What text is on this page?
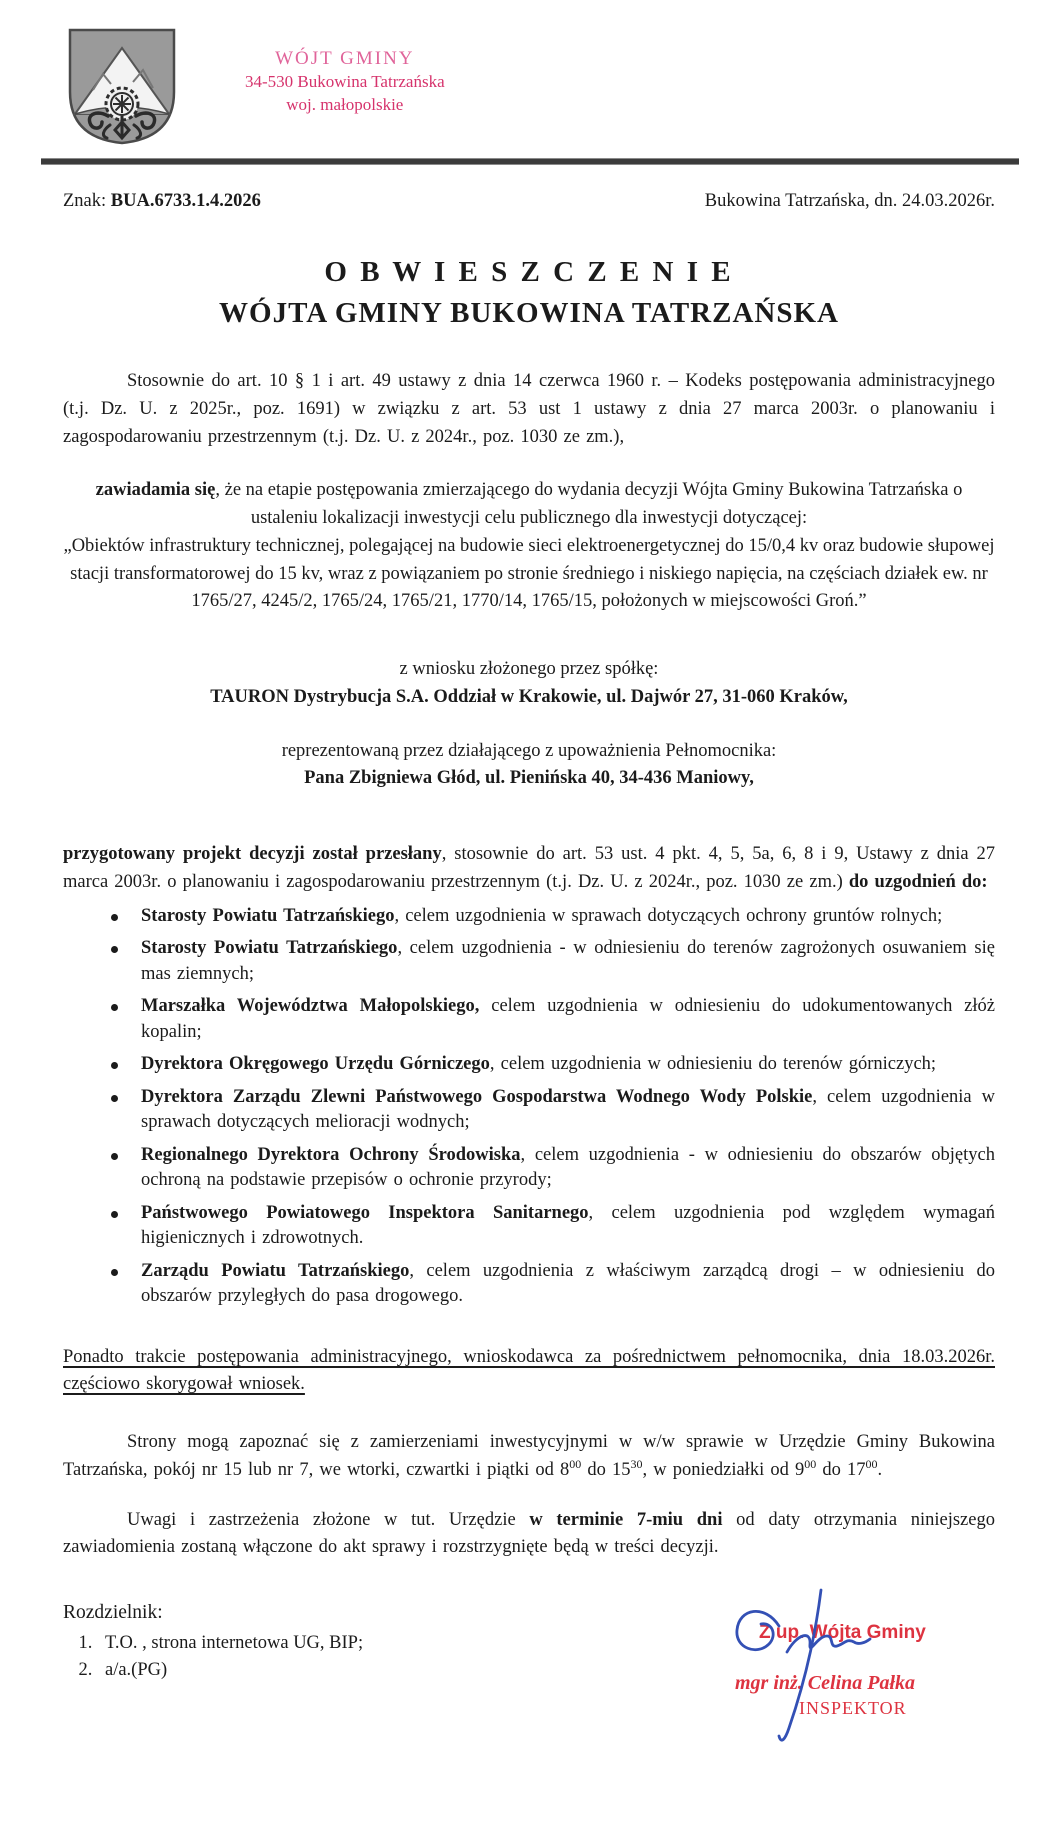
WÓJT GMINY
34-530 Bukowina Tatrzańska
woj. małopolskie
Znak: BUA.6733.1.4.2026	Bukowina Tatrzańska, dn. 24.03.2026r.
O B W I E S Z C Z E N I E
WÓJTA GMINY BUKOWINA TATRZAŃSKA

Stosownie do art. 10 § 1 i art. 49 ustawy z dnia 14 czerwca 1960 r. – Kodeks postępowania administracyjnego (t.j. Dz. U. z 2025r., poz. 1691) w związku z art. 53 ust 1 ustawy z dnia 27 marca 2003r. o planowaniu i zagospodarowaniu przestrzennym (t.j. Dz. U. z 2024r., poz. 1030 ze zm.),

zawiadamia się, że na etapie postępowania zmierzającego do wydania decyzji Wójta Gminy Bukowina Tatrzańska o ustaleniu lokalizacji inwestycji celu publicznego dla inwestycji dotyczącej:

„Obiektów infrastruktury technicznej, polegającej na budowie sieci elektroenergetycznej do 15/0,4 kv oraz budowie słupowej stacji transformatorowej do 15 kv, wraz z powiązaniem po stronie średniego i niskiego napięcia, na częściach działek ew. nr 1765/27, 4245/2, 1765/24, 1765/21, 1770/14, 1765/15, położonych w miejscowości Groń.”

z wniosku złożonego przez spółkę:

TAURON Dystrybucja S.A. Oddział w Krakowie, ul. Dajwór 27, 31-060 Kraków,

reprezentowaną przez działającego z upoważnienia Pełnomocnika:

Pana Zbigniewa Głód, ul. Pienińska 40, 34-436 Maniowy,

przygotowany projekt decyzji został przesłany, stosownie do art. 53 ust. 4 pkt. 4, 5, 5a, 6, 8 i 9, Ustawy z dnia 27 marca 2003r. o planowaniu i zagospodarowaniu przestrzennym (t.j. Dz. U. z 2024r., poz. 1030 ze zm.) do uzgodnień do:

Starosty Powiatu Tatrzańskiego, celem uzgodnienia w sprawach dotyczących ochrony gruntów rolnych;
Starosty Powiatu Tatrzańskiego, celem uzgodnienia - w odniesieniu do terenów zagrożonych osuwaniem się mas ziemnych;
Marszałka Województwa Małopolskiego, celem uzgodnienia w odniesieniu do udokumentowanych złóż kopalin;
Dyrektora Okręgowego Urzędu Górniczego, celem uzgodnienia w odniesieniu do terenów górniczych;
Dyrektora Zarządu Zlewni Państwowego Gospodarstwa Wodnego Wody Polskie, celem uzgodnienia w sprawach dotyczących melioracji wodnych;
Regionalnego Dyrektora Ochrony Środowiska, celem uzgodnienia - w odniesieniu do obszarów objętych ochroną na podstawie przepisów o ochronie przyrody;
Państwowego Powiatowego Inspektora Sanitarnego, celem uzgodnienia pod względem wymagań higienicznych i zdrowotnych.
Zarządu Powiatu Tatrzańskiego, celem uzgodnienia z właściwym zarządcą drogi – w odniesieniu do obszarów przyległych do pasa drogowego.

Ponadto trakcie postępowania administracyjnego, wnioskodawca za pośrednictwem pełnomocnika, dnia 18.03.2026r. częściowo skorygował wniosek.

Strony mogą zapoznać się z zamierzeniami inwestycyjnymi w w/w sprawie w Urzędzie Gminy Bukowina Tatrzańska, pokój nr 15 lub nr 7, we wtorki, czwartki i piątki od $8^{00}$ do $15^{30}$, w poniedziałki od $9^{00}$ do $17^{00}$.

Uwagi i zastrzeżenia złożone w tut. Urzędzie w terminie 7-miu dni od daty otrzymania niniejszego zawiadomienia zostaną włączone do akt sprawy i rozstrzygnięte będą w treści decyzji.

Rozdzielnik:
1. T.O. , strona internetowa UG, BIP;
2. a/a.(PG)
Z up. Wójta Gminy
mgr inż. Celina Pałka
INSPEKTOR
